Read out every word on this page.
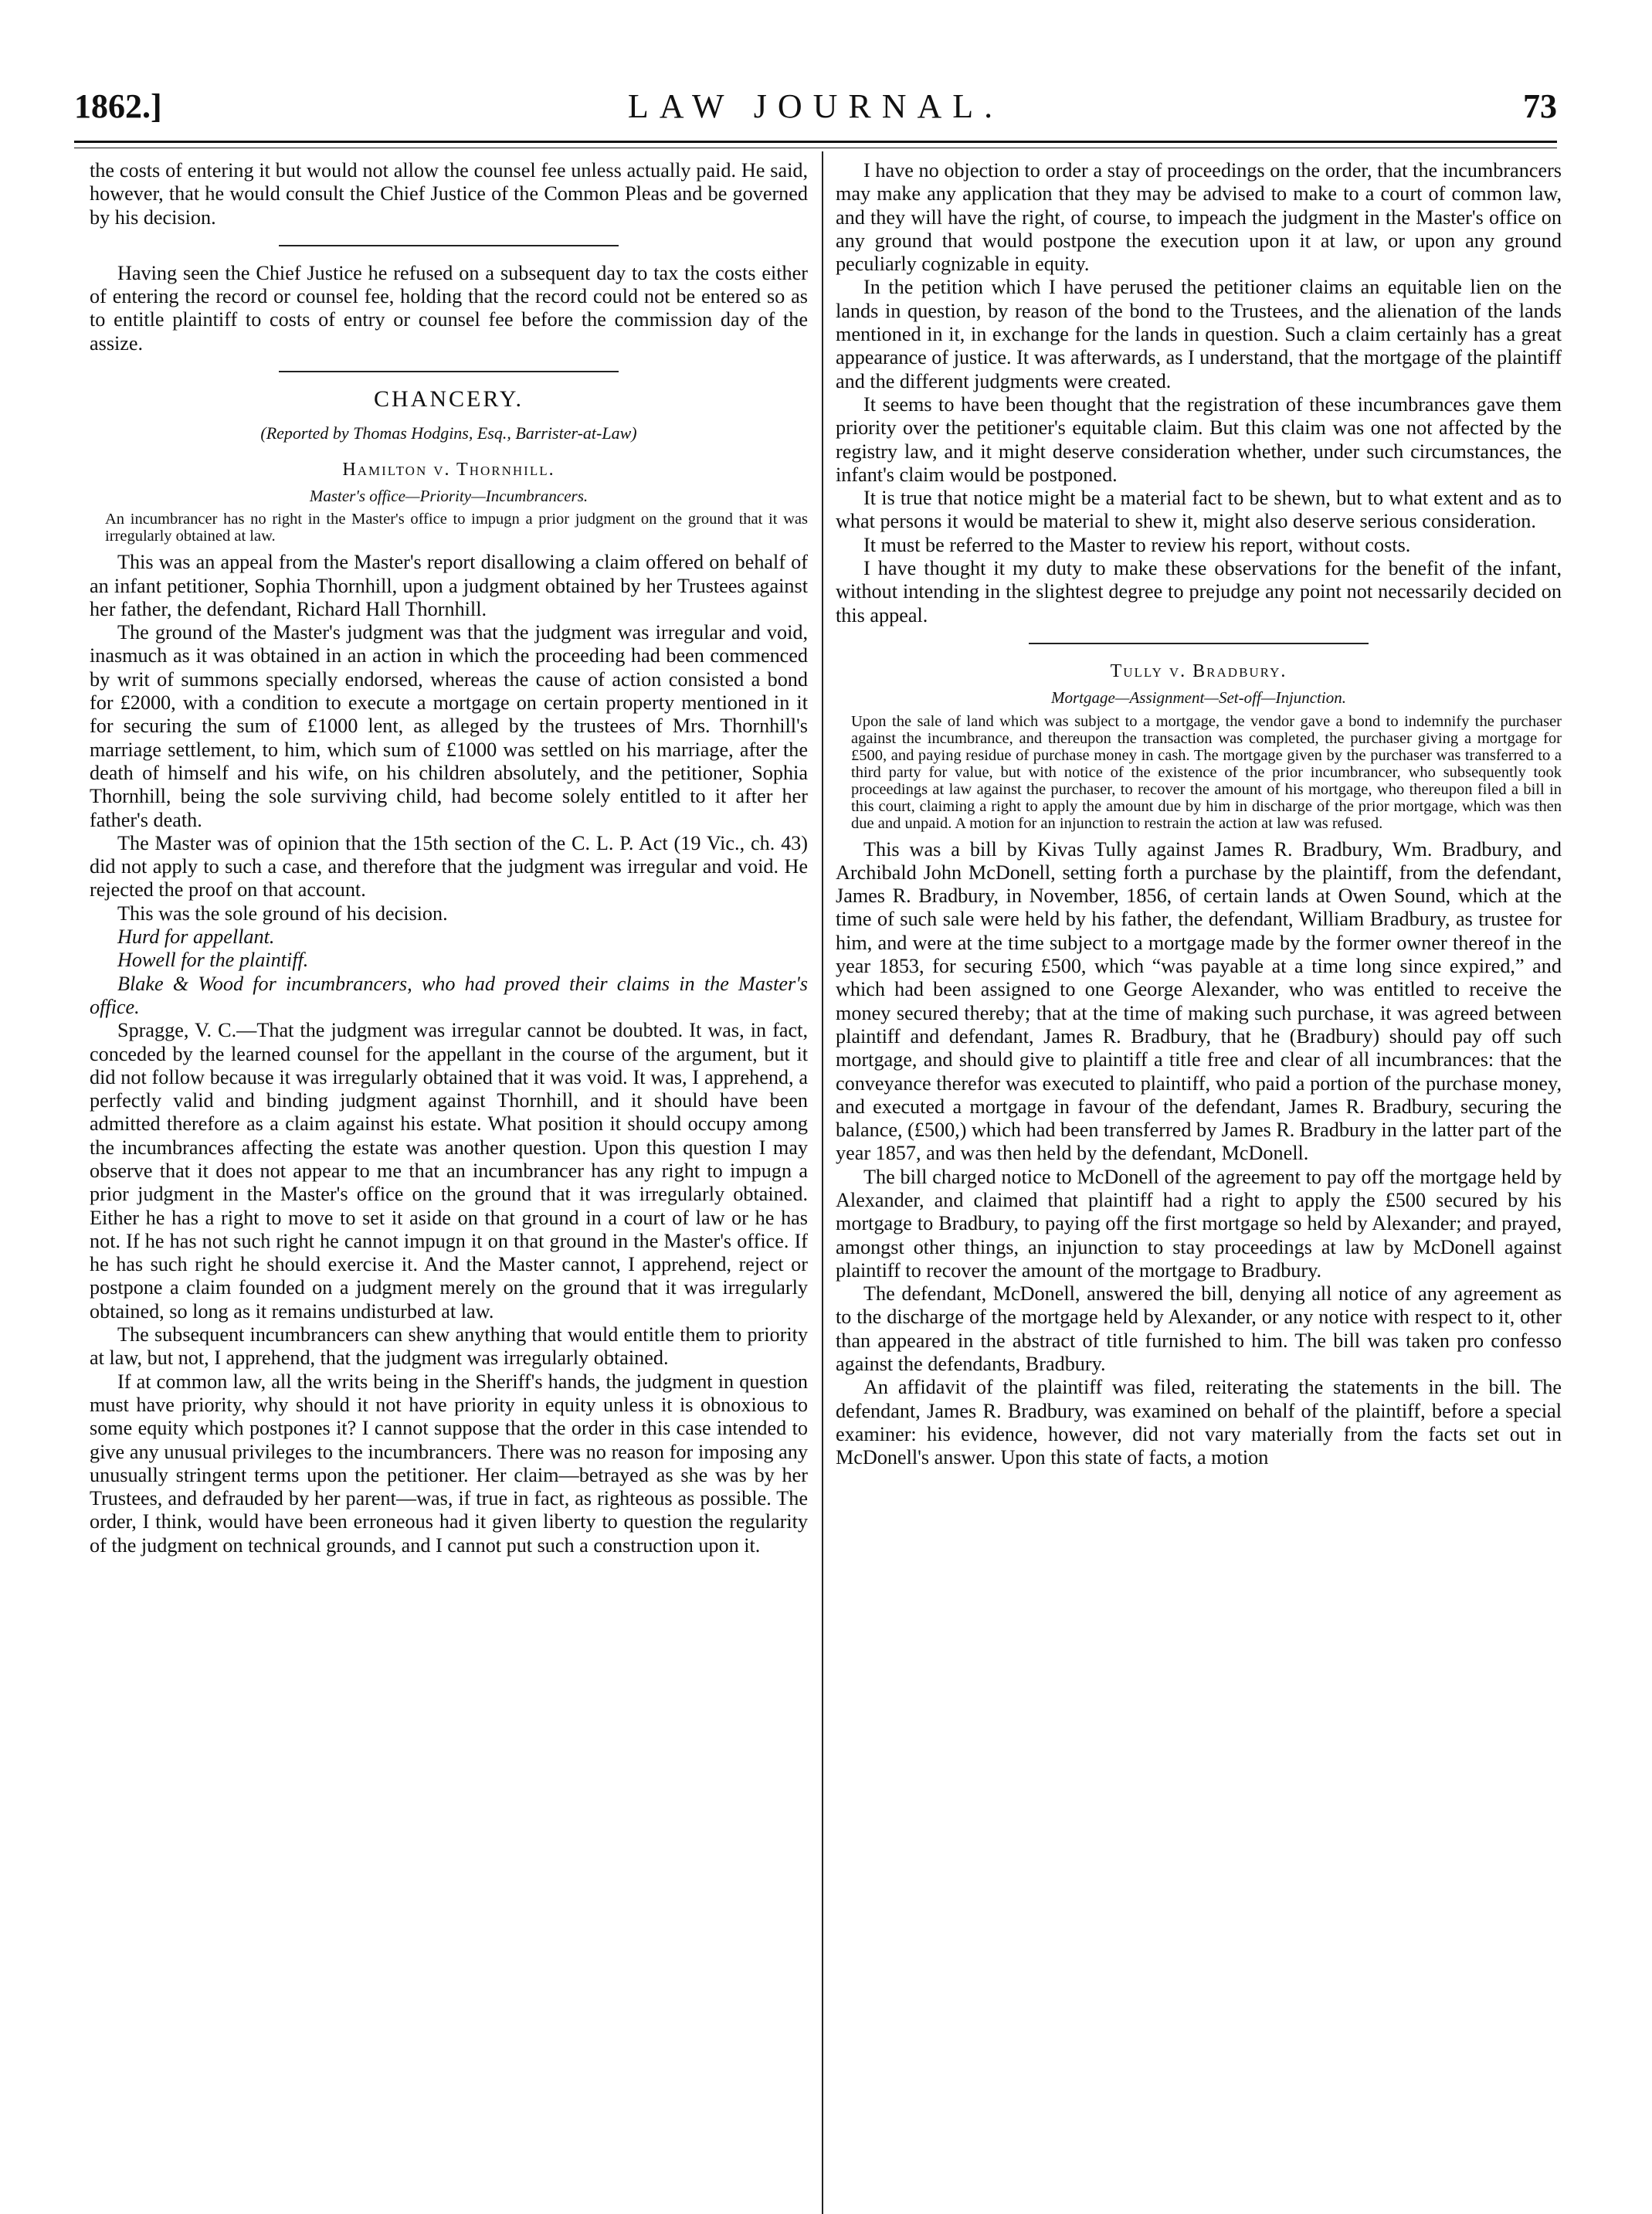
1862.]	LAW JOURNAL.	73

the costs of entering it but would not allow the counsel fee unless actually paid. He said, however, that he would consult the Chief Justice of the Common Pleas and be governed by his decision.

Having seen the Chief Justice he refused on a subsequent day to tax the costs either of entering the record or counsel fee, holding that the record could not be entered so as to entitle plaintiff to costs of entry or counsel fee before the commission day of the assize.

CHANCERY.

(Reported by Thomas Hodgins, Esq., Barrister-at-Law)

Hamilton v. Thornhill.

Master's office—Priority—Incumbrancers.

An incumbrancer has no right in the Master's office to impugn a prior judgment on the ground that it was irregularly obtained at law.

This was an appeal from the Master's report disallowing a claim offered on behalf of an infant petitioner, Sophia Thornhill, upon a judgment obtained by her Trustees against her father, the defendant, Richard Hall Thornhill.

The ground of the Master's judgment was that the judgment was irregular and void, inasmuch as it was obtained in an action in which the proceeding had been commenced by writ of summons specially endorsed, whereas the cause of action consisted a bond for £2000, with a condition to execute a mortgage on certain property mentioned in it for securing the sum of £1000 lent, as alleged by the trustees of Mrs. Thornhill's marriage settlement, to him, which sum of £1000 was settled on his marriage, after the death of himself and his wife, on his children absolutely, and the petitioner, Sophia Thornhill, being the sole surviving child, had become solely entitled to it after her father's death.

The Master was of opinion that the 15th section of the C. L. P. Act (19 Vic., ch. 43) did not apply to such a case, and therefore that the judgment was irregular and void. He rejected the proof on that account.

This was the sole ground of his decision.

Hurd for appellant.

Howell for the plaintiff.

Blake & Wood for incumbrancers, who had proved their claims in the Master's office.

Spragge, V. C.—That the judgment was irregular cannot be doubted. It was, in fact, conceded by the learned counsel for the appellant in the course of the argument, but it did not follow because it was irregularly obtained that it was void. It was, I apprehend, a perfectly valid and binding judgment against Thornhill, and it should have been admitted therefore as a claim against his estate. What position it should occupy among the incumbrances affecting the estate was another question. Upon this question I may observe that it does not appear to me that an incumbrancer has any right to impugn a prior judgment in the Master's office on the ground that it was irregularly obtained. Either he has a right to move to set it aside on that ground in a court of law or he has not. If he has not such right he cannot impugn it on that ground in the Master's office. If he has such right he should exercise it. And the Master cannot, I apprehend, reject or postpone a claim founded on a judgment merely on the ground that it was irregularly obtained, so long as it remains undisturbed at law.

The subsequent incumbrancers can shew anything that would entitle them to priority at law, but not, I apprehend, that the judgment was irregularly obtained.

If at common law, all the writs being in the Sheriff's hands, the judgment in question must have priority, why should it not have priority in equity unless it is obnoxious to some equity which postpones it? I cannot suppose that the order in this case intended to give any unusual privileges to the incumbrancers. There was no reason for imposing any unusually stringent terms upon the petitioner. Her claim—betrayed as she was by her Trustees, and defrauded by her parent—was, if true in fact, as righteous as possible. The order, I think, would have been erroneous had it given liberty to question the regularity of the judgment on technical grounds, and I cannot put such a construction upon it.

I have no objection to order a stay of proceedings on the order, that the incumbrancers may make any application that they may be advised to make to a court of common law, and they will have the right, of course, to impeach the judgment in the Master's office on any ground that would postpone the execution upon it at law, or upon any ground peculiarly cognizable in equity.

In the petition which I have perused the petitioner claims an equitable lien on the lands in question, by reason of the bond to the Trustees, and the alienation of the lands mentioned in it, in exchange for the lands in question. Such a claim certainly has a great appearance of justice. It was afterwards, as I understand, that the mortgage of the plaintiff and the different judgments were created.

It seems to have been thought that the registration of these incumbrances gave them priority over the petitioner's equitable claim. But this claim was one not affected by the registry law, and it might deserve consideration whether, under such circumstances, the infant's claim would be postponed.

It is true that notice might be a material fact to be shewn, but to what extent and as to what persons it would be material to shew it, might also deserve serious consideration.

It must be referred to the Master to review his report, without costs.

I have thought it my duty to make these observations for the benefit of the infant, without intending in the slightest degree to prejudge any point not necessarily decided on this appeal.

Tully v. Bradbury.

Mortgage—Assignment—Set-off—Injunction.

Upon the sale of land which was subject to a mortgage, the vendor gave a bond to indemnify the purchaser against the incumbrance, and thereupon the transaction was completed, the purchaser giving a mortgage for £500, and paying residue of purchase money in cash. The mortgage given by the purchaser was transferred to a third party for value, but with notice of the existence of the prior incumbrancer, who subsequently took proceedings at law against the purchaser, to recover the amount of his mortgage, who thereupon filed a bill in this court, claiming a right to apply the amount due by him in discharge of the prior mortgage, which was then due and unpaid. A motion for an injunction to restrain the action at law was refused.

This was a bill by Kivas Tully against James R. Bradbury, Wm. Bradbury, and Archibald John McDonell, setting forth a purchase by the plaintiff, from the defendant, James R. Bradbury, in November, 1856, of certain lands at Owen Sound, which at the time of such sale were held by his father, the defendant, William Bradbury, as trustee for him, and were at the time subject to a mortgage made by the former owner thereof in the year 1853, for securing £500, which “was payable at a time long since expired,” and which had been assigned to one George Alexander, who was entitled to receive the money secured thereby; that at the time of making such purchase, it was agreed between plaintiff and defendant, James R. Bradbury, that he (Bradbury) should pay off such mortgage, and should give to plaintiff a title free and clear of all incumbrances: that the conveyance therefor was executed to plaintiff, who paid a portion of the purchase money, and executed a mortgage in favour of the defendant, James R. Bradbury, securing the balance, (£500,) which had been transferred by James R. Bradbury in the latter part of the year 1857, and was then held by the defendant, McDonell.

The bill charged notice to McDonell of the agreement to pay off the mortgage held by Alexander, and claimed that plaintiff had a right to apply the £500 secured by his mortgage to Bradbury, to paying off the first mortgage so held by Alexander; and prayed, amongst other things, an injunction to stay proceedings at law by McDonell against plaintiff to recover the amount of the mortgage to Bradbury.

The defendant, McDonell, answered the bill, denying all notice of any agreement as to the discharge of the mortgage held by Alexander, or any notice with respect to it, other than appeared in the abstract of title furnished to him. The bill was taken pro confesso against the defendants, Bradbury.

An affidavit of the plaintiff was filed, reiterating the statements in the bill. The defendant, James R. Bradbury, was examined on behalf of the plaintiff, before a special examiner: his evidence, however, did not vary materially from the facts set out in McDonell's answer. Upon this state of facts, a motion
